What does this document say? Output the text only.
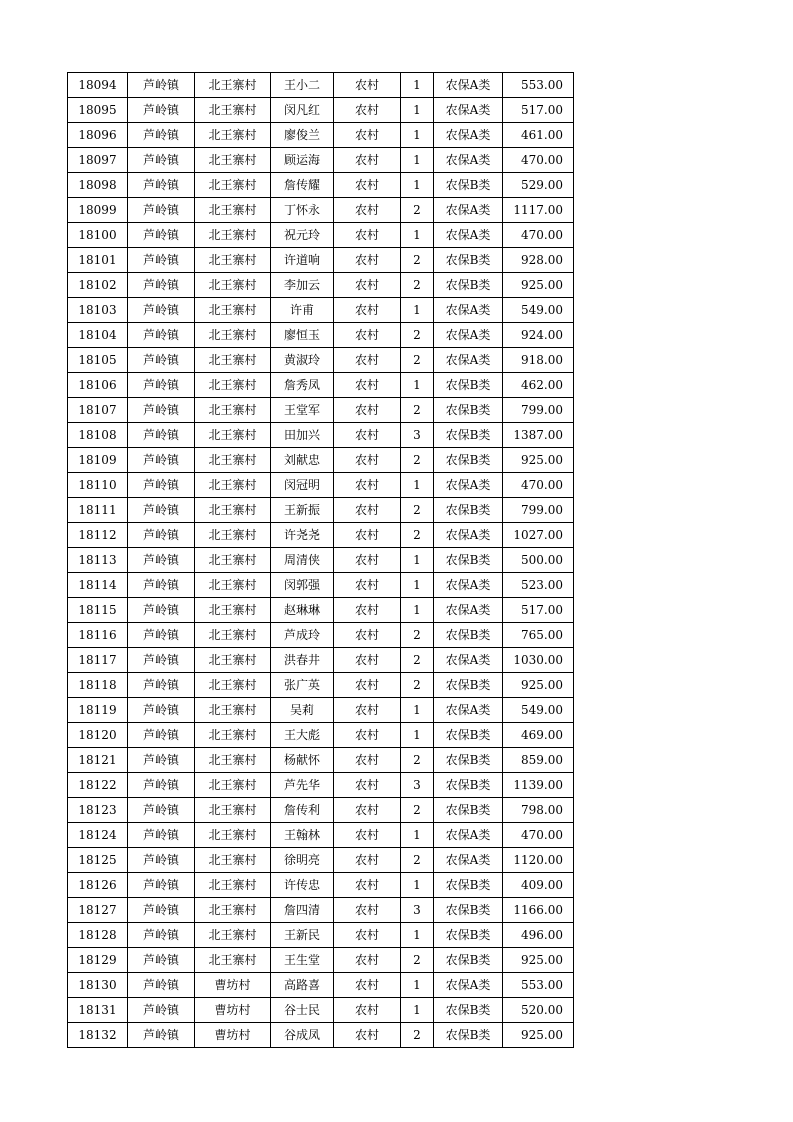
18094	芦岭镇	北王寨村	王小二	农村	1	农保A类	553.00
18095	芦岭镇	北王寨村	闵凡红	农村	1	农保A类	517.00
18096	芦岭镇	北王寨村	廖俊兰	农村	1	农保A类	461.00
18097	芦岭镇	北王寨村	顾运海	农村	1	农保A类	470.00
18098	芦岭镇	北王寨村	詹传耀	农村	1	农保B类	529.00
18099	芦岭镇	北王寨村	丁怀永	农村	2	农保A类	1117.00
18100	芦岭镇	北王寨村	祝元玲	农村	1	农保A类	470.00
18101	芦岭镇	北王寨村	许道响	农村	2	农保B类	928.00
18102	芦岭镇	北王寨村	李加云	农村	2	农保B类	925.00
18103	芦岭镇	北王寨村	许甫	农村	1	农保A类	549.00
18104	芦岭镇	北王寨村	廖恒玉	农村	2	农保A类	924.00
18105	芦岭镇	北王寨村	黄淑玲	农村	2	农保A类	918.00
18106	芦岭镇	北王寨村	詹秀凤	农村	1	农保B类	462.00
18107	芦岭镇	北王寨村	王堂军	农村	2	农保B类	799.00
18108	芦岭镇	北王寨村	田加兴	农村	3	农保B类	1387.00
18109	芦岭镇	北王寨村	刘献忠	农村	2	农保B类	925.00
18110	芦岭镇	北王寨村	闵冠明	农村	1	农保A类	470.00
18111	芦岭镇	北王寨村	王新振	农村	2	农保B类	799.00
18112	芦岭镇	北王寨村	许尧尧	农村	2	农保A类	1027.00
18113	芦岭镇	北王寨村	周清侠	农村	1	农保B类	500.00
18114	芦岭镇	北王寨村	闵郭强	农村	1	农保A类	523.00
18115	芦岭镇	北王寨村	赵琳琳	农村	1	农保A类	517.00
18116	芦岭镇	北王寨村	芦成玲	农村	2	农保B类	765.00
18117	芦岭镇	北王寨村	洪春井	农村	2	农保A类	1030.00
18118	芦岭镇	北王寨村	张广英	农村	2	农保B类	925.00
18119	芦岭镇	北王寨村	吴莉	农村	1	农保A类	549.00
18120	芦岭镇	北王寨村	王大彪	农村	1	农保B类	469.00
18121	芦岭镇	北王寨村	杨献怀	农村	2	农保B类	859.00
18122	芦岭镇	北王寨村	芦先华	农村	3	农保B类	1139.00
18123	芦岭镇	北王寨村	詹传利	农村	2	农保B类	798.00
18124	芦岭镇	北王寨村	王翰林	农村	1	农保A类	470.00
18125	芦岭镇	北王寨村	徐明亮	农村	2	农保A类	1120.00
18126	芦岭镇	北王寨村	许传忠	农村	1	农保B类	409.00
18127	芦岭镇	北王寨村	詹四清	农村	3	农保B类	1166.00
18128	芦岭镇	北王寨村	王新民	农村	1	农保B类	496.00
18129	芦岭镇	北王寨村	王生堂	农村	2	农保B类	925.00
18130	芦岭镇	曹坊村	高路喜	农村	1	农保A类	553.00
18131	芦岭镇	曹坊村	谷士民	农村	1	农保B类	520.00
18132	芦岭镇	曹坊村	谷成凤	农村	2	农保B类	925.00
